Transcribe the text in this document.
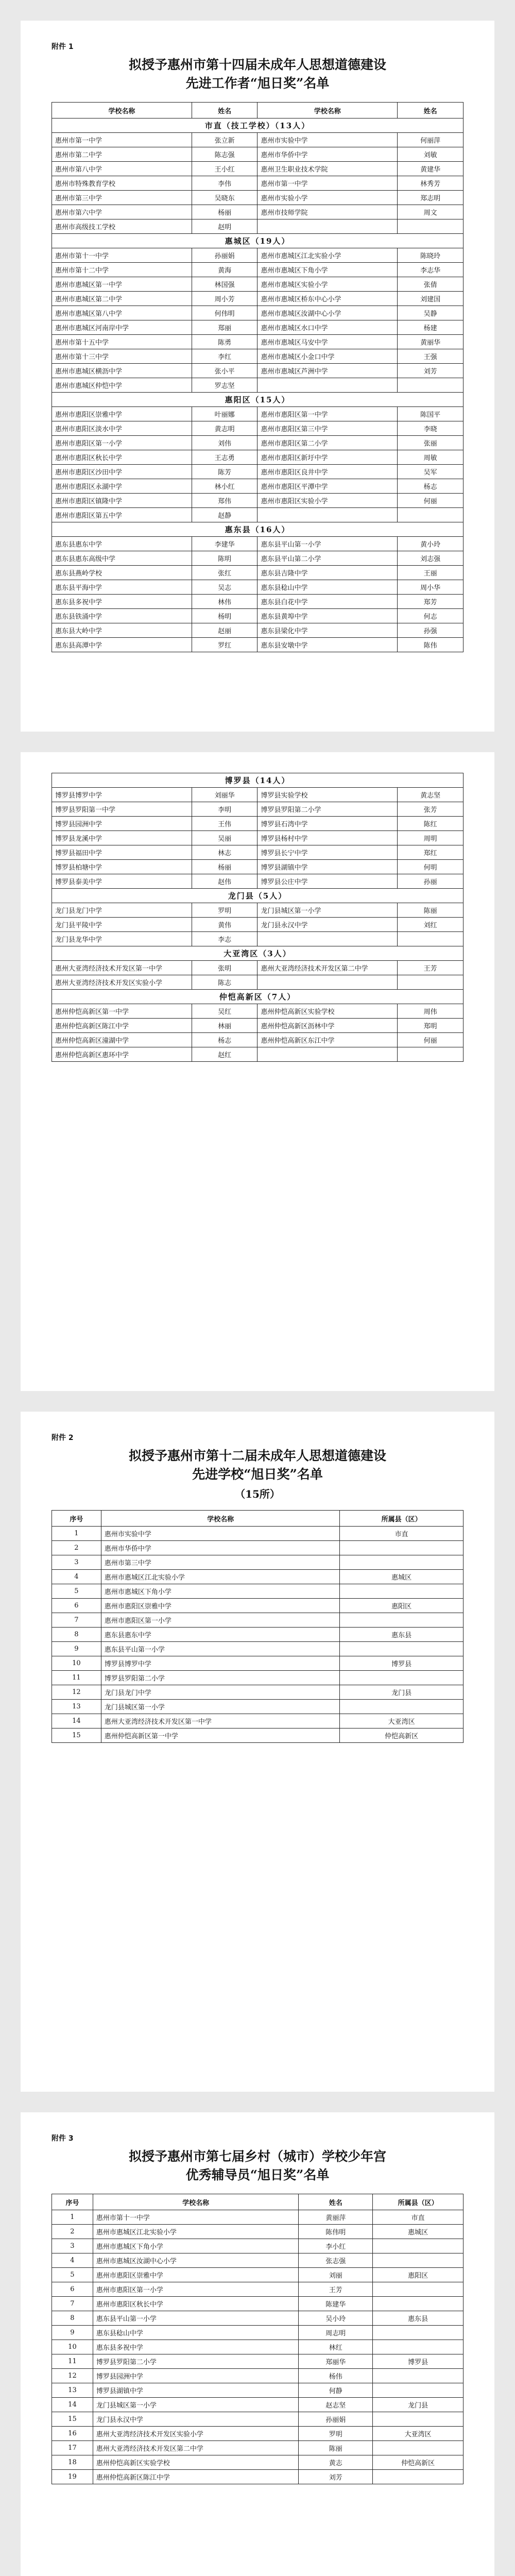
附件 1
拟授予惠州市第十四届未成年人思想道德建设
先进工作者“旭日奖”名单
学校名称	姓名	学校名称	姓名
市直（技工学校）（13人）			
惠州市第一中学	张立新	惠州市实验中学	何丽萍
惠州市第二中学	陈志强	惠州市华侨中学	刘敏
惠州市第八中学	王小红	惠州卫生职业技术学院	黄建华
惠州市特殊教育学校	李伟	惠州市第一中学	林秀芳
惠州市第三中学	吴晓东	惠州市实验小学	郑志明
惠州市第六中学	杨丽	惠州市技师学院	周文
惠州市高级技工学校	赵明		
惠城区（19人）			
惠州市第十一中学	孙丽娟	惠州市惠城区江北实验小学	陈晓玲
惠州市第十二中学	黄海	惠州市惠城区下角小学	李志华
惠州市惠城区第一中学	林国强	惠州市惠城区实验小学	张倩
惠州市惠城区第二中学	周小芳	惠州市惠城区桥东中心小学	刘建国
惠州市惠城区第八中学	何伟明	惠州市惠城区汝湖中心小学	吴静
惠州市惠城区河南岸中学	郑丽	惠州市惠城区水口中学	杨建
惠州市第十五中学	陈勇	惠州市惠城区马安中学	黄丽华
惠州市第十三中学	李红	惠州市惠城区小金口中学	王强
惠州市惠城区横沥中学	张小平	惠州市惠城区芦洲中学	刘芳
惠州市惠城区仲恺中学	罗志坚		
惠阳区（15人）			
惠州市惠阳区崇雅中学	叶丽娜	惠州市惠阳区第一中学	陈国平
惠州市惠阳区淡水中学	黄志明	惠州市惠阳区第三中学	李晓
惠州市惠阳区第一小学	刘伟	惠州市惠阳区第二小学	张丽
惠州市惠阳区秋长中学	王志勇	惠州市惠阳区新圩中学	周敏
惠州市惠阳区沙田中学	陈芳	惠州市惠阳区良井中学	吴军
惠州市惠阳区永湖中学	林小红	惠州市惠阳区平潭中学	杨志
惠州市惠阳区镇隆中学	郑伟	惠州市惠阳区实验小学	何丽
惠州市惠阳区第五中学	赵静		
惠东县（16人）			
惠东县惠东中学	李建华	惠东县平山第一小学	黄小玲
惠东县惠东高级中学	陈明	惠东县平山第二小学	刘志强
惠东县燕岭学校	张红	惠东县吉隆中学	王丽
惠东县平海中学	吴志	惠东县稔山中学	周小华
惠东县多祝中学	林伟	惠东县白花中学	郑芳
惠东县铁涌中学	杨明	惠东县黄埠中学	何志
惠东县大岭中学	赵丽	惠东县梁化中学	孙强
惠东县高潭中学	罗红	惠东县安墩中学	陈伟
博罗县（14人）			
博罗县博罗中学	刘丽华	博罗县实验学校	黄志坚
博罗县罗阳第一中学	李明	博罗县罗阳第二小学	张芳
博罗县园洲中学	王伟	博罗县石湾中学	陈红
博罗县龙溪中学	吴丽	博罗县杨村中学	周明
博罗县福田中学	林志	博罗县长宁中学	郑红
博罗县柏塘中学	杨丽	博罗县湖镇中学	何明
博罗县泰美中学	赵伟	博罗县公庄中学	孙丽
龙门县（5人）			
龙门县龙门中学	罗明	龙门县城区第一小学	陈丽
龙门县平陵中学	黄伟	龙门县永汉中学	刘红
龙门县龙华中学	李志		
大亚湾区（3人）			
惠州大亚湾经济技术开发区第一中学	张明	惠州大亚湾经济技术开发区第二中学	王芳
惠州大亚湾经济技术开发区实验小学	陈志		
仲恺高新区（7人）			
惠州仲恺高新区第一中学	吴红	惠州仲恺高新区实验学校	周伟
惠州仲恺高新区陈江中学	林丽	惠州仲恺高新区沥林中学	郑明
惠州仲恺高新区潼湖中学	杨志	惠州仲恺高新区东江中学	何丽
惠州仲恺高新区惠环中学	赵红		
附件 2
拟授予惠州市第十二届未成年人思想道德建设
先进学校“旭日奖”名单
（15所）
序号	学校名称	所属县（区）
1	惠州市实验中学	市直
2	惠州市华侨中学	
3	惠州市第三中学	
4	惠州市惠城区江北实验小学	惠城区
5	惠州市惠城区下角小学	
6	惠州市惠阳区崇雅中学	惠阳区
7	惠州市惠阳区第一小学	
8	惠东县惠东中学	惠东县
9	惠东县平山第一小学	
10	博罗县博罗中学	博罗县
11	博罗县罗阳第二小学	
12	龙门县龙门中学	龙门县
13	龙门县城区第一小学	
14	惠州大亚湾经济技术开发区第一中学	大亚湾区
15	惠州仲恺高新区第一中学	仲恺高新区
附件 3
拟授予惠州市第七届乡村（城市）学校少年宫
优秀辅导员“旭日奖”名单
序号	学校名称	姓名	所属县（区）
1	惠州市第十一中学	黄丽萍	市直
2	惠州市惠城区江北实验小学	陈伟明	惠城区
3	惠州市惠城区下角小学	李小红	
4	惠州市惠城区汝湖中心小学	张志强	
5	惠州市惠阳区崇雅中学	刘丽	惠阳区
6	惠州市惠阳区第一小学	王芳	
7	惠州市惠阳区秋长中学	陈建华	
8	惠东县平山第一小学	吴小玲	惠东县
9	惠东县稔山中学	周志明	
10	惠东县多祝中学	林红	
11	博罗县罗阳第二小学	郑丽华	博罗县
12	博罗县园洲中学	杨伟	
13	博罗县湖镇中学	何静	
14	龙门县城区第一小学	赵志坚	龙门县
15	龙门县永汉中学	孙丽娟	
16	惠州大亚湾经济技术开发区实验小学	罗明	大亚湾区
17	惠州大亚湾经济技术开发区第二中学	陈丽	
18	惠州仲恺高新区实验学校	黄志	仲恺高新区
19	惠州仲恺高新区陈江中学	刘芳	
